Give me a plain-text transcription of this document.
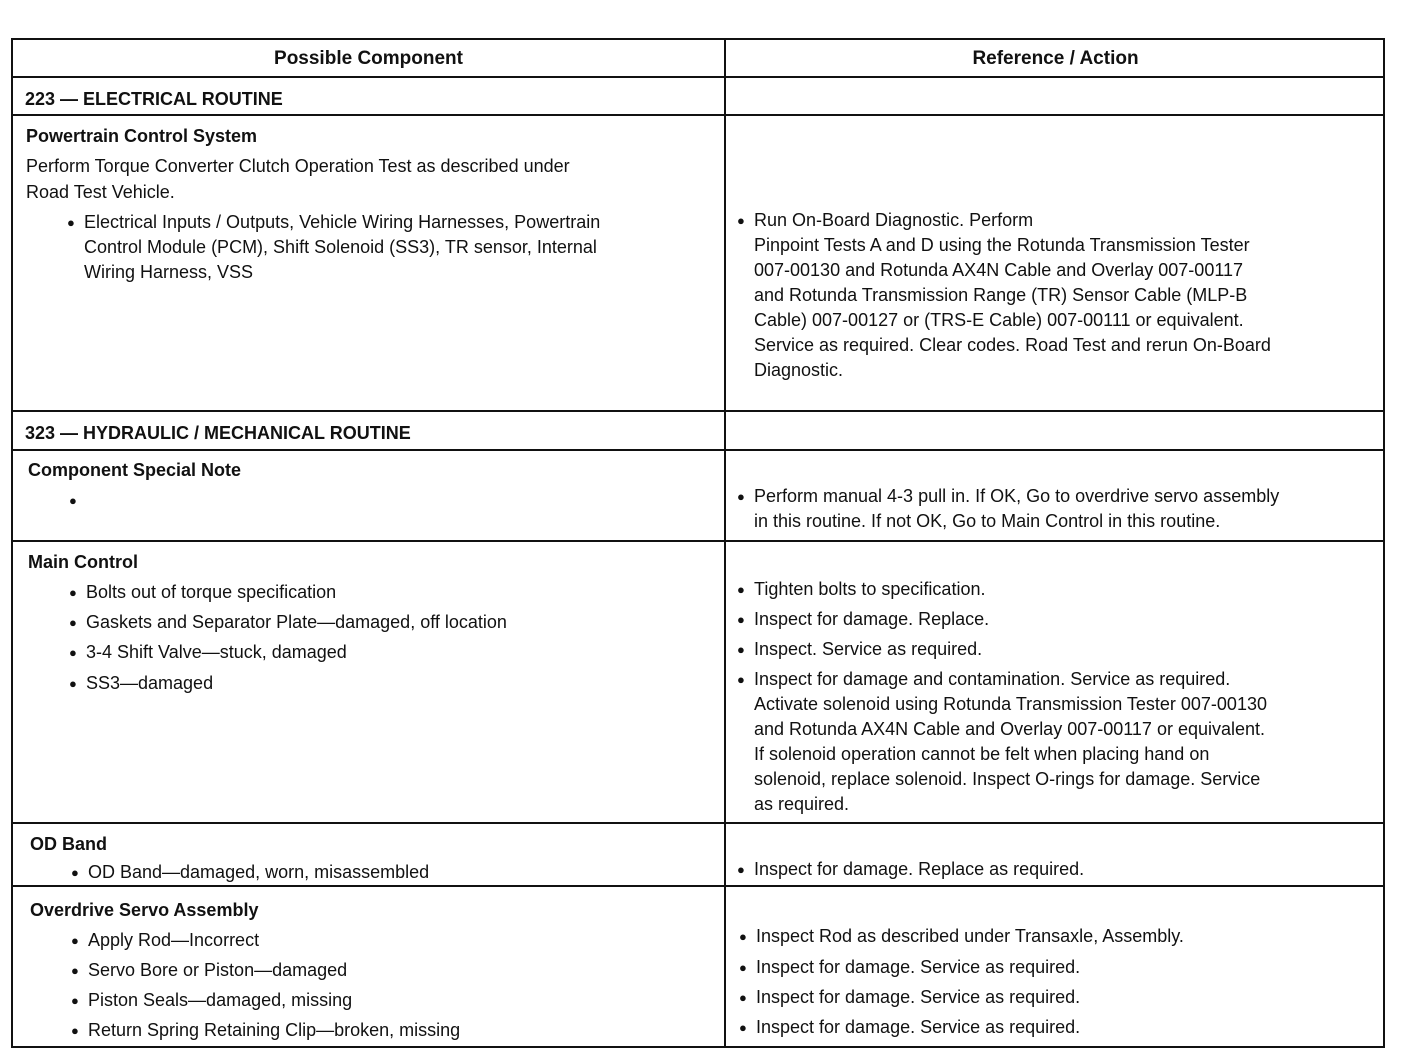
Possible Component	Reference / Action
223 — ELECTRICAL ROUTINE
Powertrain Control System
Perform Torque Converter Clutch Operation Test as described under
Road Test Vehicle.
● Electrical Inputs / Outputs, Vehicle Wiring Harnesses, Powertrain
Control Module (PCM), Shift Solenoid (SS3), TR sensor, Internal
Wiring Harness, VSS
● Run On-Board Diagnostic. Perform
Pinpoint Tests A and D using the Rotunda Transmission Tester
007-00130 and Rotunda AX4N Cable and Overlay 007-00117
and Rotunda Transmission Range (TR) Sensor Cable (MLP-B
Cable) 007-00127 or (TRS-E Cable) 007-00111 or equivalent.
Service as required. Clear codes. Road Test and rerun On-Board
Diagnostic.
323 — HYDRAULIC / MECHANICAL ROUTINE
Component Special Note
● Perform manual 4-3 pull in. If OK, Go to overdrive servo assembly
in this routine. If not OK, Go to Main Control in this routine.
Main Control
● Bolts out of torque specification
● Gaskets and Separator Plate—damaged, off location
● 3-4 Shift Valve—stuck, damaged
● SS3—damaged
● Tighten bolts to specification.
● Inspect for damage. Replace.
● Inspect. Service as required.
● Inspect for damage and contamination. Service as required.
Activate solenoid using Rotunda Transmission Tester 007-00130
and Rotunda AX4N Cable and Overlay 007-00117 or equivalent.
If solenoid operation cannot be felt when placing hand on
solenoid, replace solenoid. Inspect O-rings for damage. Service
as required.
OD Band
● OD Band—damaged, worn, misassembled
●	Inspect for damage. Replace as required.
Overdrive Servo Assembly
● Apply Rod—Incorrect
● Servo Bore or Piston—damaged
● Piston Seals—damaged, missing
● Return Spring Retaining Clip—broken, missing
● Inspect Rod as described under Transaxle, Assembly.
● Inspect for damage. Service as required.
● Inspect for damage. Service as required.
● Inspect for damage. Service as required.
